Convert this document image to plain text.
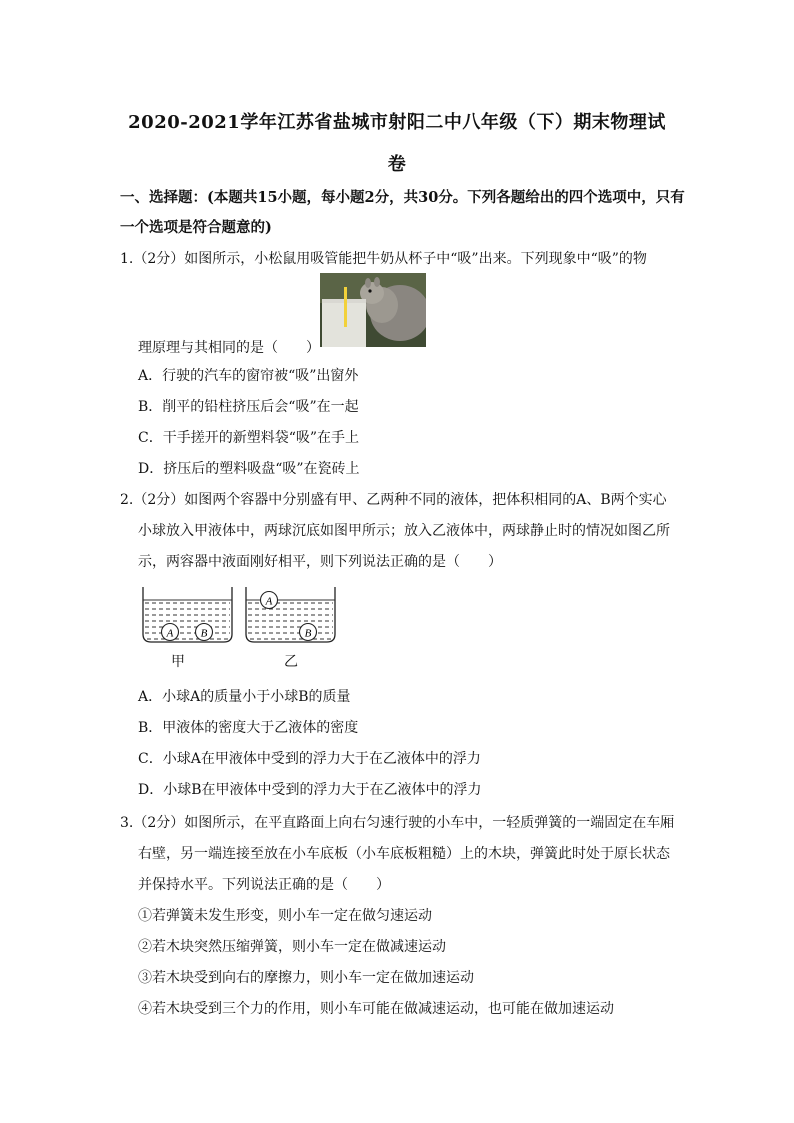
2020-2021学年江苏省盐城市射阳二中八年级（下）期末物理试
卷
一、选择题：(本题共15小题，每小题2分，共30分。下列各题给出的四个选项中，只有
一个选项是符合题意的)
1.（2分）如图所示，小松鼠用吸管能把牛奶从杯子中“吸”出来。下列现象中“吸”的物
理原理与其相同的是（　　）
A．行驶的汽车的窗帘被“吸”出窗外
B．削平的铅柱挤压后会“吸”在一起
C．干手搓开的新塑料袋“吸”在手上
D．挤压后的塑料吸盘“吸”在瓷砖上
2.（2分）如图两个容器中分别盛有甲、乙两种不同的液体，把体积相同的A、B两个实心
小球放入甲液体中，两球沉底如图甲所示；放入乙液体中，两球静止时的情况如图乙所
示，两容器中液面刚好相平，则下列说法正确的是（　　）
A B
A
B
甲	乙
A．小球A的质量小于小球B的质量
B．甲液体的密度大于乙液体的密度
C．小球A在甲液体中受到的浮力大于在乙液体中的浮力
D．小球B在甲液体中受到的浮力大于在乙液体中的浮力
3.（2分）如图所示，在平直路面上向右匀速行驶的小车中，一轻质弹簧的一端固定在车厢
右壁，另一端连接至放在小车底板（小车底板粗糙）上的木块，弹簧此时处于原长状态
并保持水平。下列说法正确的是（　　）
①若弹簧未发生形变，则小车一定在做匀速运动
②若木块突然压缩弹簧，则小车一定在做减速运动
③若木块受到向右的摩擦力，则小车一定在做加速运动
④若木块受到三个力的作用，则小车可能在做减速运动，也可能在做加速运动
